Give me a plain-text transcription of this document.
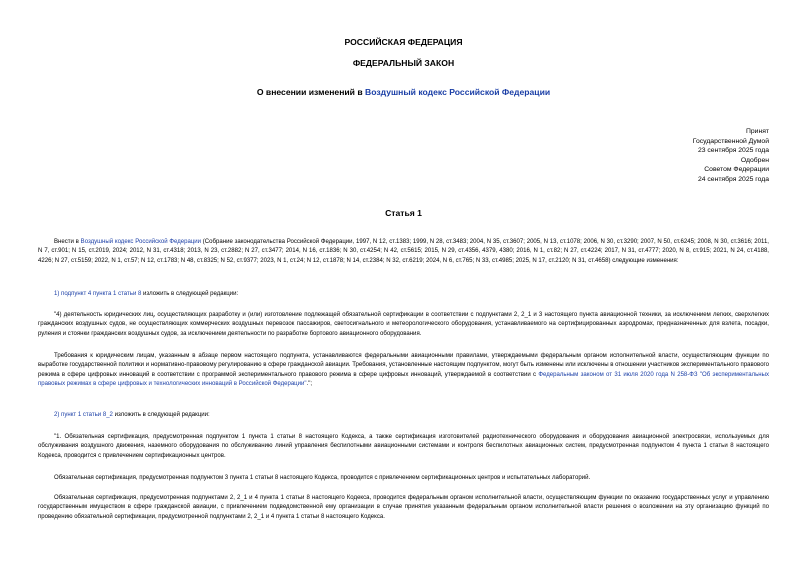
РОССИЙСКАЯ ФЕДЕРАЦИЯ
ФЕДЕРАЛЬНЫЙ ЗАКОН
О внесении изменений в Воздушный кодекс Российской Федерации
Принят
Государственной Думой
23 сентября 2025 года
Одобрен
Советом Федерации
24 сентября 2025 года
Статья 1
Внести в Воздушный кодекс Российской Федерации (Собрание законодательства Российской Федерации, 1997, N 12, ст.1383; 1999, N 28, ст.3483; 2004, N 35, ст.3607; 2005, N 13, ст.1078; 2006, N 30, ст.3290; 2007, N 50, ст.6245; 2008, N 30, ст.3616; 2011, N 7, ст.901; N 15, ст.2019, 2024; 2012, N 31, ст.4318; 2013, N 23, ст.2882; N 27, ст.3477; 2014, N 16, ст.1836; N 30, ст.4254; N 42, ст.5615; 2015, N 29, ст.4356, 4379, 4380; 2016, N 1, ст.82; N 27, ст.4224; 2017, N 31, ст.4777; 2020, N 8, ст.915; 2021, N 24, ст.4188, 4226; N 27, ст.5159; 2022, N 1, ст.57; N 12, ст.1783; N 48, ст.8325; N 52, ст.9377; 2023, N 1, ст.24; N 12, ст.1878; N 14, ст.2384; N 32, ст.6219; 2024, N 6, ст.765; N 33, ст.4985; 2025, N 17, ст.2120; N 31, ст.4658) следующие изменения:
1) подпункт 4 пункта 1 статьи 8 изложить в следующей редакции:
"4) деятельность юридических лиц, осуществляющих разработку и (или) изготовление подлежащей обязательной сертификации в соответствии с подпунктами 2, 2_1 и 3 настоящего пункта авиационной техники, за исключением легких, сверхлегких гражданских воздушных судов, не осуществляющих коммерческих воздушных перевозок пассажиров, светосигнального и метеорологического оборудования, устанавливаемого на сертифицированных аэродромах, предназначенных для взлета, посадки, руления и стоянки гражданских воздушных судов, за исключением деятельности по разработке бортового авиационного оборудования.
Требования к юридическим лицам, указанным в абзаце первом настоящего подпункта, устанавливаются федеральными авиационными правилами, утверждаемыми федеральным органом исполнительной власти, осуществляющим функции по выработке государственной политики и нормативно-правовому регулированию в сфере гражданской авиации. Требования, установленные настоящим подпунктом, могут быть изменены или исключены в отношении участников экспериментального правового режима в сфере цифровых инноваций в соответствии с программой экспериментального правового режима в сфере цифровых инноваций, утверждаемой в соответствии с Федеральным законом от 31 июля 2020 года N 258-ФЗ "Об экспериментальных правовых режимах в сфере цифровых и технологических инноваций в Российской Федерации".";
2) пункт 1 статьи 8_2 изложить в следующей редакции:
"1. Обязательная сертификация, предусмотренная подпунктом 1 пункта 1 статьи 8 настоящего Кодекса, а также сертификация изготовителей радиотехнического оборудования и оборудования авиационной электросвязи, используемых для обслуживания воздушного движения, наземного оборудования по обслуживанию линий управления беспилотными авиационными системами и контроля беспилотных авиационных систем, предусмотренная подпунктом 4 пункта 1 статьи 8 настоящего Кодекса, проводится с привлечением сертификационных центров.
Обязательная сертификация, предусмотренная подпунктом 3 пункта 1 статьи 8 настоящего Кодекса, проводится с привлечением сертификационных центров и испытательных лабораторий.
Обязательная сертификация, предусмотренная подпунктами 2, 2_1 и 4 пункта 1 статьи 8 настоящего Кодекса, проводится федеральным органом исполнительной власти, осуществляющим функции по оказанию государственных услуг и управлению государственным имуществом в сфере гражданской авиации, с привлечением подведомственной ему организации в случае принятия указанным федеральным органом исполнительной власти решения о возложении на эту организацию функций по проведению обязательной сертификации, предусмотренной подпунктами 2, 2_1 и 4 пункта 1 статьи 8 настоящего Кодекса.
